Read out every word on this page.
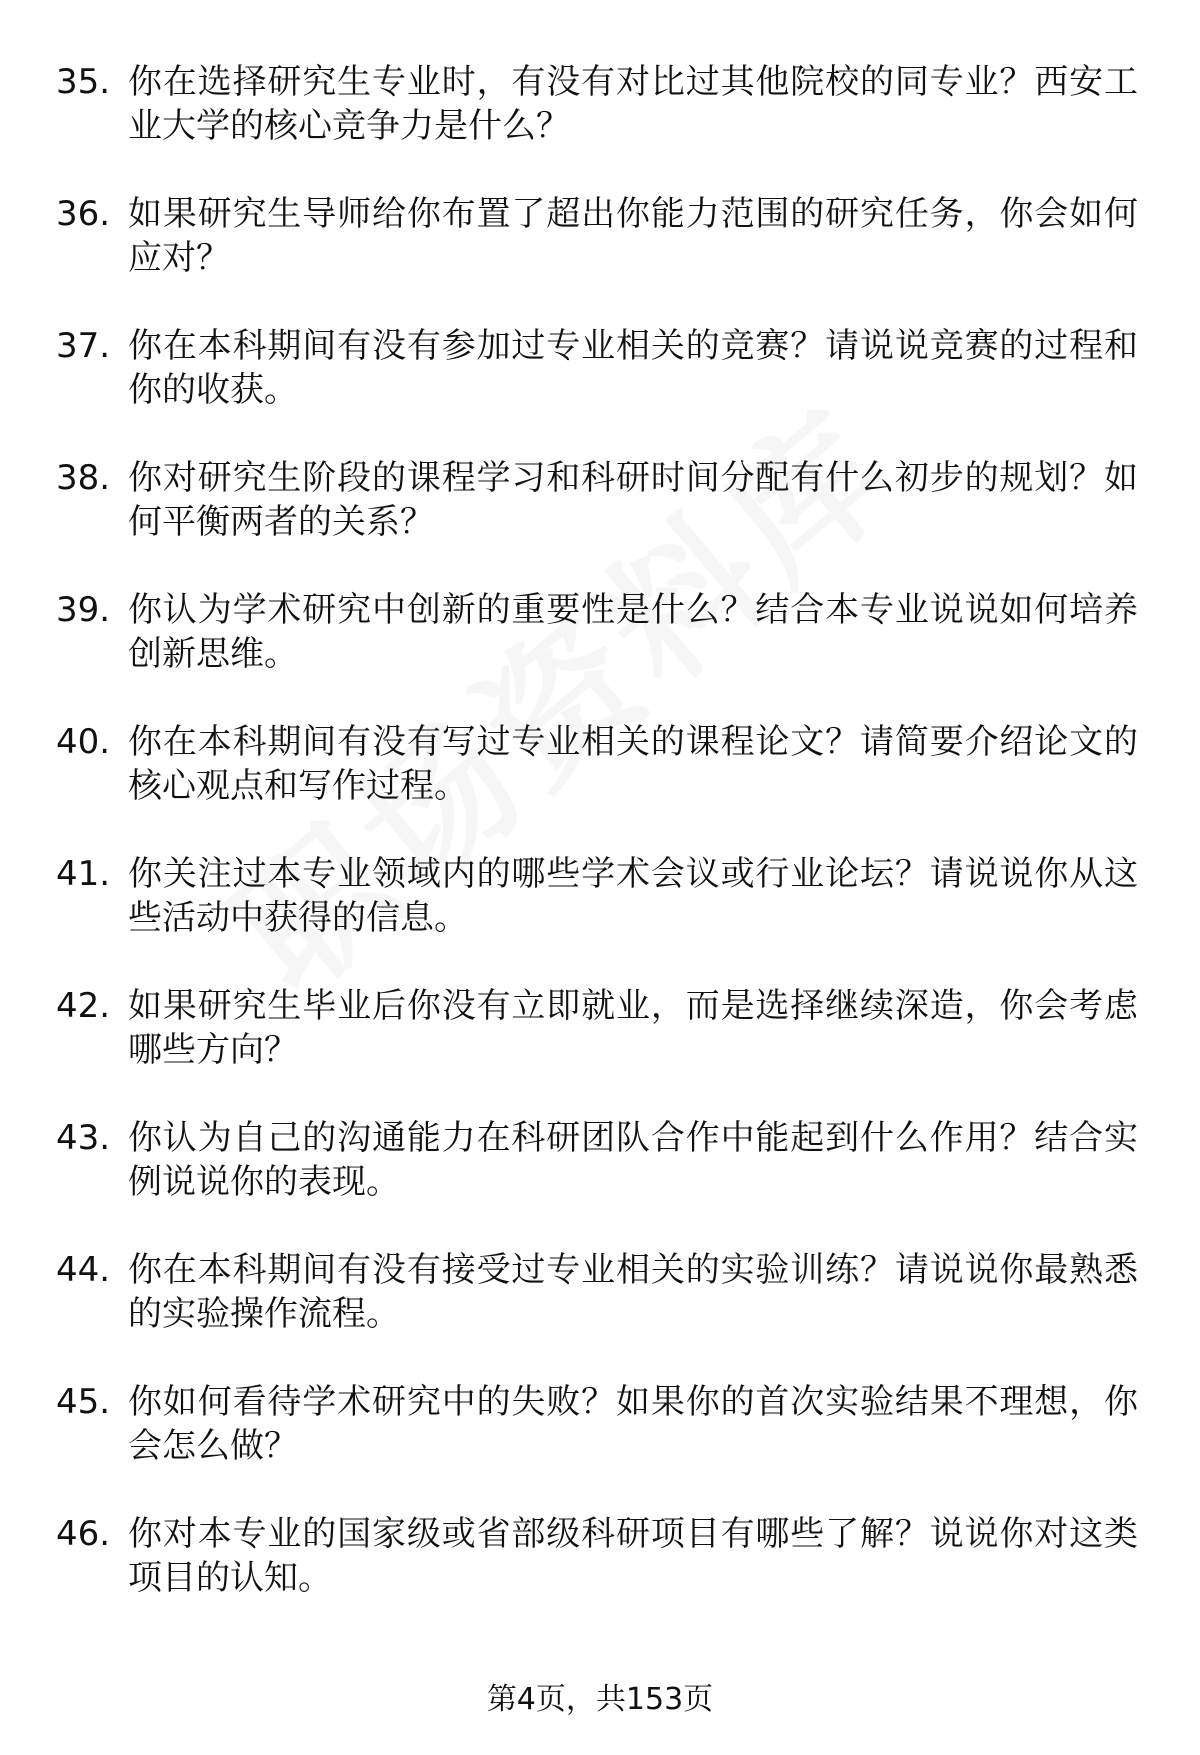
35. 你在选择研究生专业时，有没有对比过其他院校的同专业？西安工业大学的核心竞争力是什么？
36. 如果研究生导师给你布置了超出你能力范围的研究任务，你会如何应对？
37. 你在本科期间有没有参加过专业相关的竞赛？请说说竞赛的过程和你的收获。
38. 你对研究生阶段的课程学习和科研时间分配有什么初步的规划？如何平衡两者的关系？
39. 你认为学术研究中创新的重要性是什么？结合本专业说说如何培养创新思维。
40. 你在本科期间有没有写过专业相关的课程论文？请简要介绍论文的核心观点和写作过程。
41. 你关注过本专业领域内的哪些学术会议或行业论坛？请说说你从这些活动中获得的信息。
42. 如果研究生毕业后你没有立即就业，而是选择继续深造，你会考虑哪些方向？
43. 你认为自己的沟通能力在科研团队合作中能起到什么作用？结合实例说说你的表现。
44. 你在本科期间有没有接受过专业相关的实验训练？请说说你最熟悉的实验操作流程。
45. 你如何看待学术研究中的失败？如果你的首次实验结果不理想，你会怎么做？
46. 你对本专业的国家级或省部级科研项目有哪些了解？说说你对这类项目的认知。
第4页，共153页
